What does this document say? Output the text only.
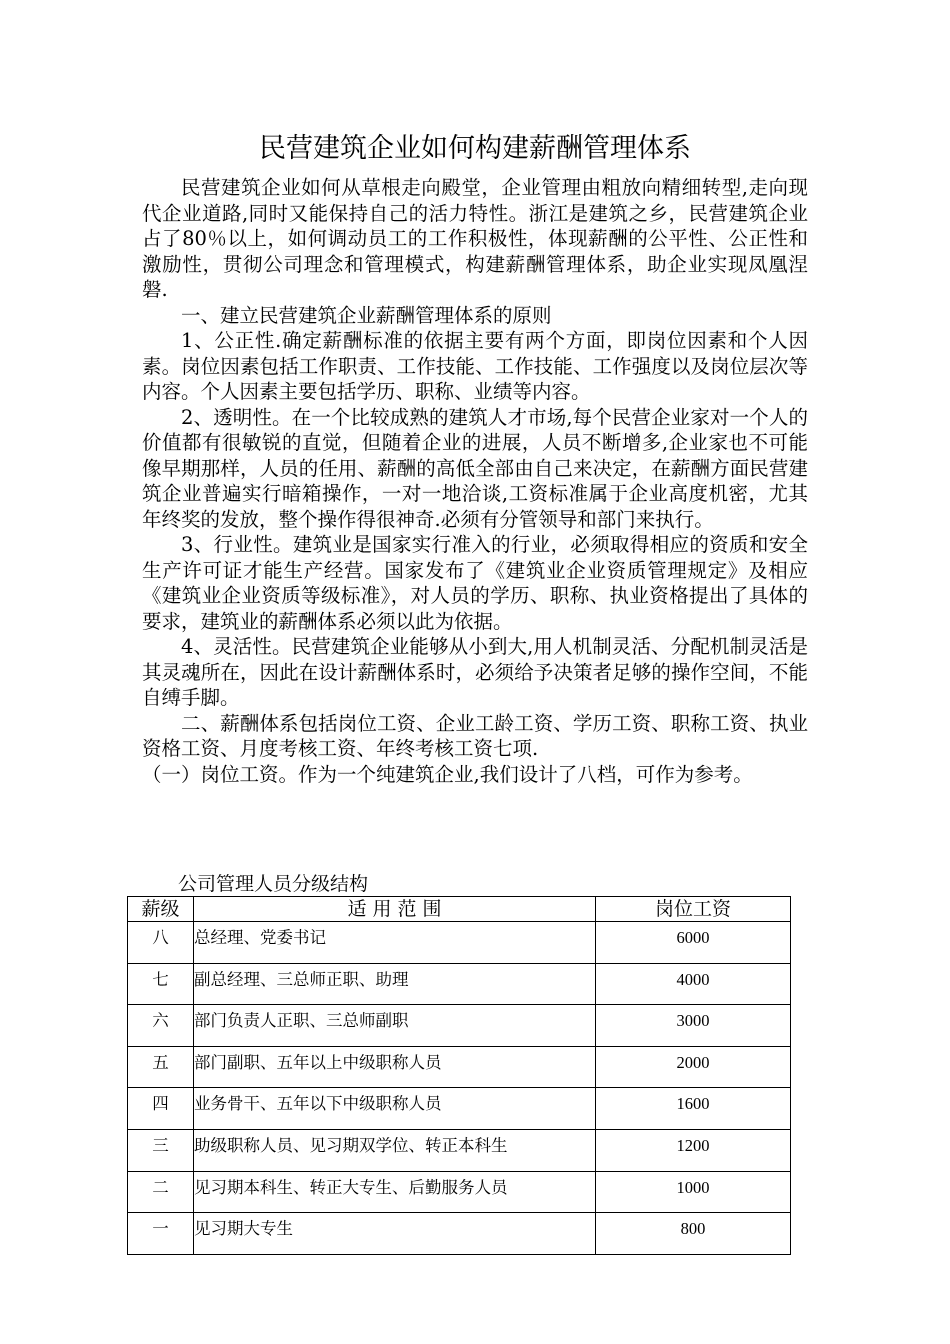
民营建筑企业如何构建薪酬管理体系

民营建筑企业如何从草根走向殿堂，企业管理由粗放向精细转型,走向现代企业道路,同时又能保持自己的活力特性。浙江是建筑之乡，民营建筑企业占了80％以上，如何调动员工的工作积极性，体现薪酬的公平性、公正性和激励性，贯彻公司理念和管理模式，构建薪酬管理体系，助企业实现凤凰涅磐.

一、建立民营建筑企业薪酬管理体系的原则

1、公正性.确定薪酬标准的依据主要有两个方面，即岗位因素和个人因素。岗位因素包括工作职责、工作技能、工作技能、工作强度以及岗位层次等内容。个人因素主要包括学历、职称、业绩等内容。

2、透明性。在一个比较成熟的建筑人才市场,每个民营企业家对一个人的价值都有很敏锐的直觉，但随着企业的进展，人员不断增多,企业家也不可能像早期那样，人员的任用、薪酬的高低全部由自己来决定，在薪酬方面民营建筑企业普遍实行暗箱操作，一对一地洽谈,工资标准属于企业高度机密，尤其年终奖的发放，整个操作得很神奇.必须有分管领导和部门来执行。

3、行业性。建筑业是国家实行准入的行业，必须取得相应的资质和安全生产许可证才能生产经营。国家发布了《建筑业企业资质管理规定》及相应《建筑业企业资质等级标准》，对人员的学历、职称、执业资格提出了具体的要求，建筑业的薪酬体系必须以此为依据。

4、灵活性。民营建筑企业能够从小到大,用人机制灵活、分配机制灵活是其灵魂所在，因此在设计薪酬体系时，必须给予决策者足够的操作空间，不能自缚手脚。

二、薪酬体系包括岗位工资、企业工龄工资、学历工资、职称工资、执业资格工资、月度考核工资、年终考核工资七项.

（一）岗位工资。作为一个纯建筑企业,我们设计了八档，可作为参考。

公司管理人员分级结构
薪级	适 用 范 围	岗位工资
八	总经理、党委书记	6000
七	副总经理、三总师正职、助理	4000
六	部门负责人正职、三总师副职	3000
五	部门副职、五年以上中级职称人员	2000
四	业务骨干、五年以下中级职称人员	1600
三	助级职称人员、见习期双学位、转正本科生	1200
二	见习期本科生、转正大专生、后勤服务人员	1000
一	见习期大专生	800
